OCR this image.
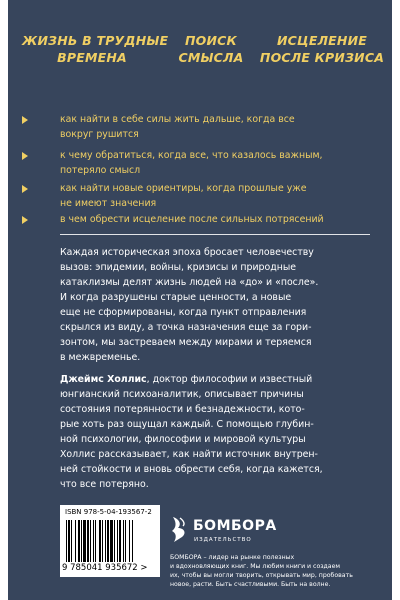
ЖИЗНЬ В ТРУДНЫЕ
ВРЕМЕНА
ПОИСК
СМЫСЛА
ИСЦЕЛЕНИЕ
ПОСЛЕ КРИЗИСА
как найти в себе силы жить дальше, когда все
вокруг рушится
к чему обратиться, когда все, что казалось важным,
потеряло смысл
как найти новые ориентиры, когда прошлые уже
не имеют значения
в чем обрести исцеление после сильных потрясений
Каждая историческая эпоха бросает человечеству
вызов: эпидемии, войны, кризисы и природные
катаклизмы делят жизнь людей на «до» и «после».
И когда разрушены старые ценности, а новые
еще не сформированы, когда пункт отправления
скрылся из виду, а точка назначения еще за гори-
зонтом, мы застреваем между мирами и теряемся
в межвременье.
Джеймс Холлис, доктор философии и известный
юнгианский психоаналитик, описывает причины
состояния потерянности и безнадежности, кото-
рые хоть раз ощущал каждый. С помощью глубин-
ной психологии, философии и мировой культуры
Холлис рассказывает, как найти источник внутрен-
ней стойкости и вновь обрести себя, когда кажется,
что все потеряно.
ISBN 978-5-04-193567-2
9 785041 935672 >
БОМБОРА
ИЗДАТЕЛЬСТВО
БОМБОРА – лидер на рынке полезных
и вдохновляющих книг. Мы любим книги и создаем
их, чтобы вы могли творить, открывать мир, пробовать
новое, расти. Быть счастливыми. Быть на волне.
